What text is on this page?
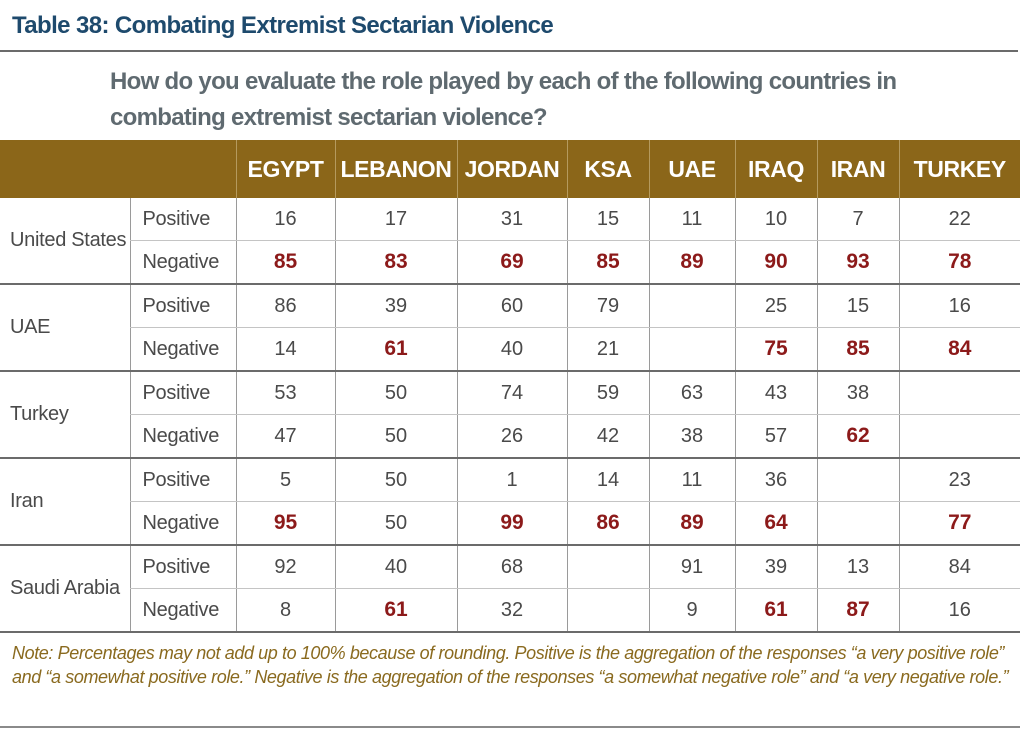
Table 38: Combating Extremist Sectarian Violence
How do you evaluate the role played by each of the following countries in combating extremist sectarian violence?
		EGYPT	LEBANON	JORDAN	KSA	UAE	IRAQ	IRAN	TURKEY
United States	Positive	16	17	31	15	11	10	7	22
	Negative	85	83	69	85	89	90	93	78
UAE	Positive	86	39	60	79		25	15	16
	Negative	14	61	40	21		75	85	84
Turkey	Positive	53	50	74	59	63	43	38	
	Negative	47	50	26	42	38	57	62	
Iran	Positive	5	50	1	14	11	36		23
	Negative	95	50	99	86	89	64		77
Saudi Arabia	Positive	92	40	68		91	39	13	84
	Negative	8	61	32		9	61	87	16
Note: Percentages may not add up to 100% because of rounding. Positive is the aggregation of the responses “a very positive role” and “a somewhat positive role.” Negative is the aggregation of the responses “a somewhat negative role” and “a very negative role.”
